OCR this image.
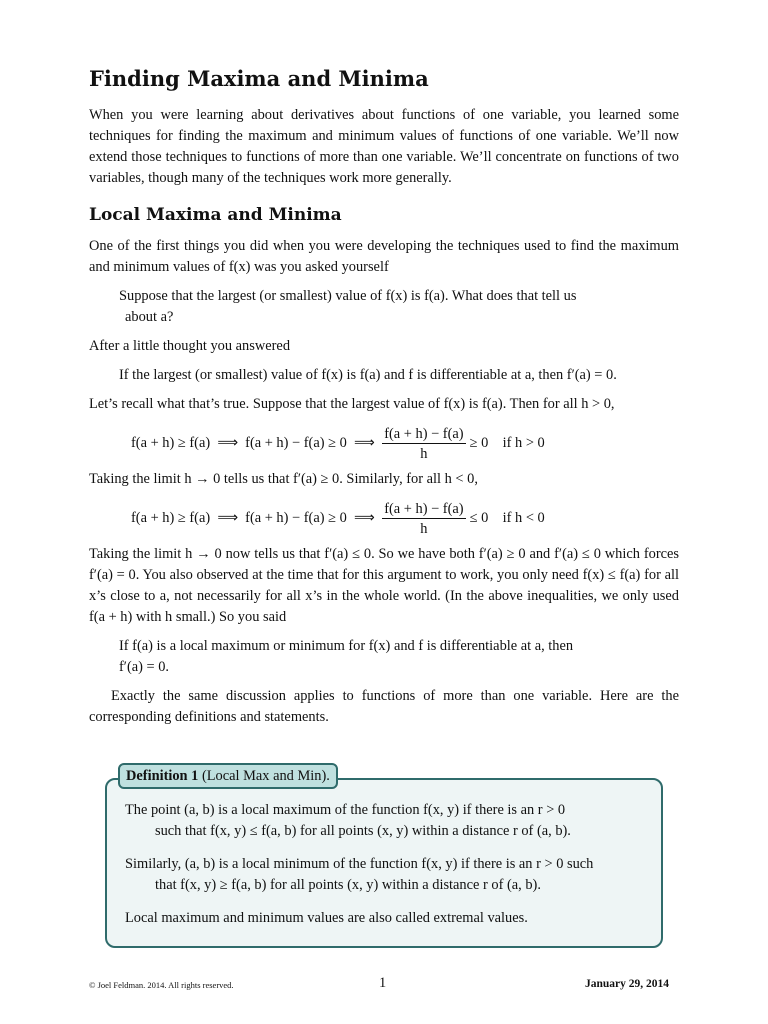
Finding Maxima and Minima
When you were learning about derivatives about functions of one variable, you learned some techniques for finding the maximum and minimum values of functions of one variable. We’ll now extend those techniques to functions of more than one variable. We’ll concentrate on functions of two variables, though many of the techniques work more generally.
Local Maxima and Minima
One of the first things you did when you were developing the techniques used to find the maximum and minimum values of f(x) was you asked yourself
Suppose that the largest (or smallest) value of f(x) is f(a). What does that tell us
about a?
After a little thought you answered
If the largest (or smallest) value of f(x) is f(a) and f is differentiable at a, then f′(a) = 0.
Let’s recall what that’s true. Suppose that the largest value of f(x) is f(a). Then for all h > 0,
f(a + h) ≥ f(a)  ⟹  f(a + h) − f(a) ≥ 0  ⟹ $\frac{f(a + h) - f(a)}{h} \ge 0$    if h > 0
Taking the limit h → 0 tells us that f′(a) ≥ 0. Similarly, for all h < 0,
f(a + h) ≥ f(a)  ⟹  f(a + h) − f(a) ≥ 0  ⟹ $\frac{f(a + h) - f(a)}{h} \le 0$    if h < 0
Taking the limit h → 0 now tells us that f′(a) ≤ 0. So we have both f′(a) ≥ 0 and f′(a) ≤ 0 which forces f′(a) = 0. You also observed at the time that for this argument to work, you only need f(x) ≤ f(a) for all x’s close to a, not necessarily for all x’s in the whole world. (In the above inequalities, we only used f(a + h) with h small.) So you said
If f(a) is a local maximum or minimum for f(x) and f is differentiable at a, then
f′(a) = 0.
Exactly the same discussion applies to functions of more than one variable. Here are the corresponding definitions and statements.
Definition 1 (Local Max and Min).
The point (a, b) is a local maximum of the function f(x, y) if there is an r > 0
such that f(x, y) ≤ f(a, b) for all points (x, y) within a distance r of (a, b).
Similarly, (a, b) is a local minimum of the function f(x, y) if there is an r > 0 such
that f(x, y) ≥ f(a, b) for all points (x, y) within a distance r of (a, b).
Local maximum and minimum values are also called extremal values.
© Joel Feldman. 2014. All rights reserved.	1	January 29, 2014
